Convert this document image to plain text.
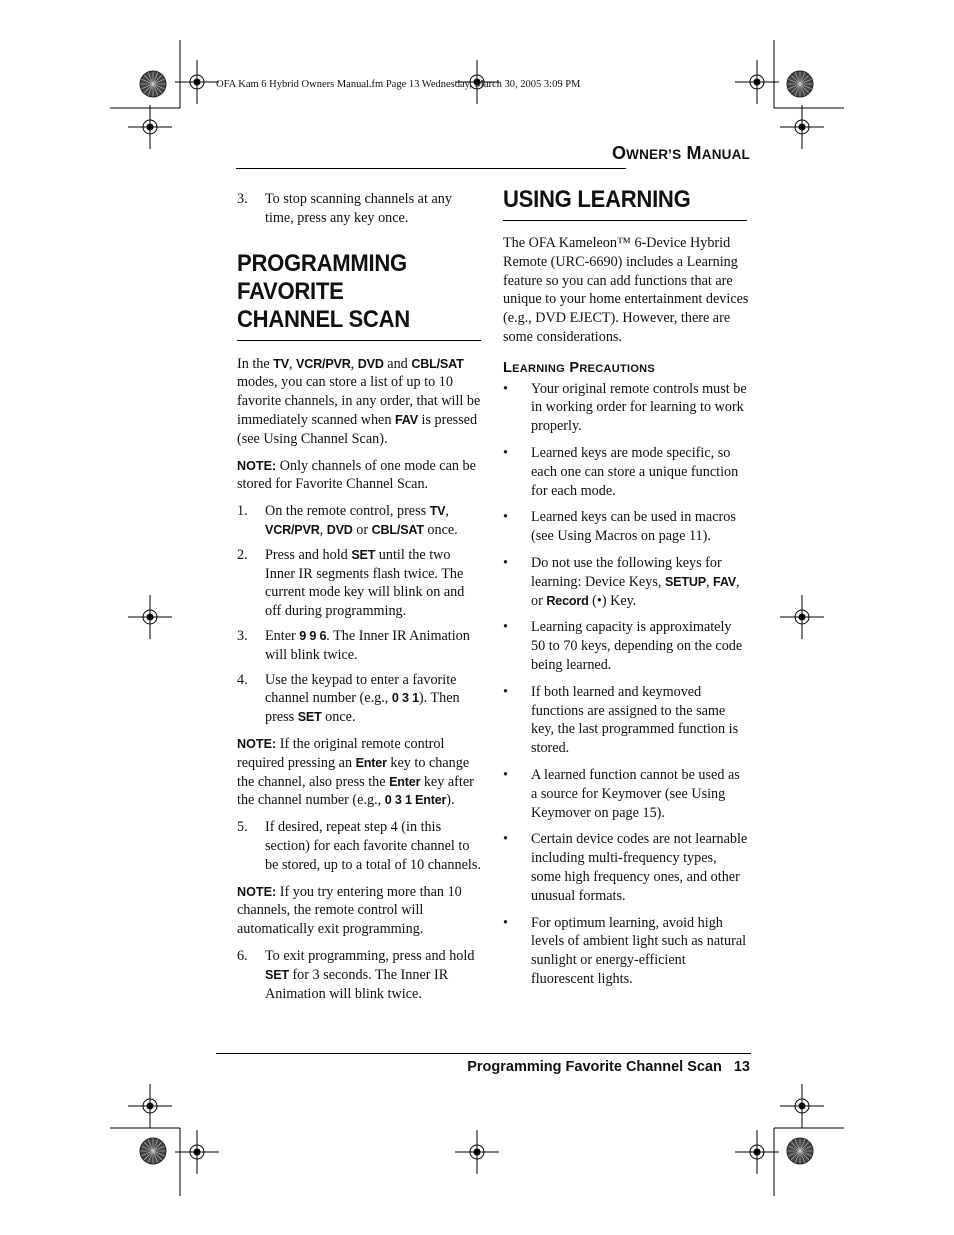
OFA Kam 6 Hybrid Owners Manual.fm Page 13 Wednesday, March 30, 2005 3:09 PM
OWNER’S MANUAL
3. To stop scanning channels at any time, press any key once.

PROGRAMMING FAVORITE
CHANNEL SCAN

In the TV, VCR/PVR, DVD and CBL/SAT modes, you can store a list of up to 10 favorite channels, in any order, that will be immediately scanned when FAV is pressed (see Using Channel Scan).

NOTE: Only channels of one mode can be stored for Favorite Channel Scan.

1. On the remote control, press TV, VCR/PVR, DVD or CBL/SAT once.

2. Press and hold SET until the two Inner IR segments flash twice. The current mode key will blink on and off during programming.

3. Enter 9 9 6. The Inner IR Animation will blink twice.

4. Use the keypad to enter a favorite channel number (e.g., 0 3 1). Then press SET once.

NOTE: If the original remote control required pressing an Enter key to change the channel, also press the Enter key after the channel number (e.g., 0 3 1 Enter).

5. If desired, repeat step 4 (in this section) for each favorite channel to be stored, up to a total of 10 channels.

NOTE: If you try entering more than 10 channels, the remote control will automatically exit programming.

6. To exit programming, press and hold SET for 3 seconds. The Inner IR Animation will blink twice.

USING LEARNING

The OFA Kameleon™ 6-Device Hybrid Remote (URC-6690) includes a Learning feature so you can add functions that are unique to your home entertainment devices (e.g., DVD EJECT). However, there are some considerations.

LEARNING PRECAUTIONS

• Your original remote controls must be in working order for learning to work properly.

• Learned keys are mode specific, so each one can store a unique function for each mode.

• Learned keys can be used in macros (see Using Macros on page 11).

• Do not use the following keys for learning: Device Keys, SETUP, FAV, or Record (•) Key.

• Learning capacity is approximately 50 to 70 keys, depending on the code being learned.

• If both learned and keymoved functions are assigned to the same key, the last programmed function is stored.

• A learned function cannot be used as a source for Keymover (see Using Keymover on page 15).

• Certain device codes are not learnable including multi-frequency types, some high frequency ones, and other unusual formats.

• For optimum learning, avoid high levels of ambient light such as natural sunlight or energy-efficient fluorescent lights.

Programming Favorite Channel Scan 13
